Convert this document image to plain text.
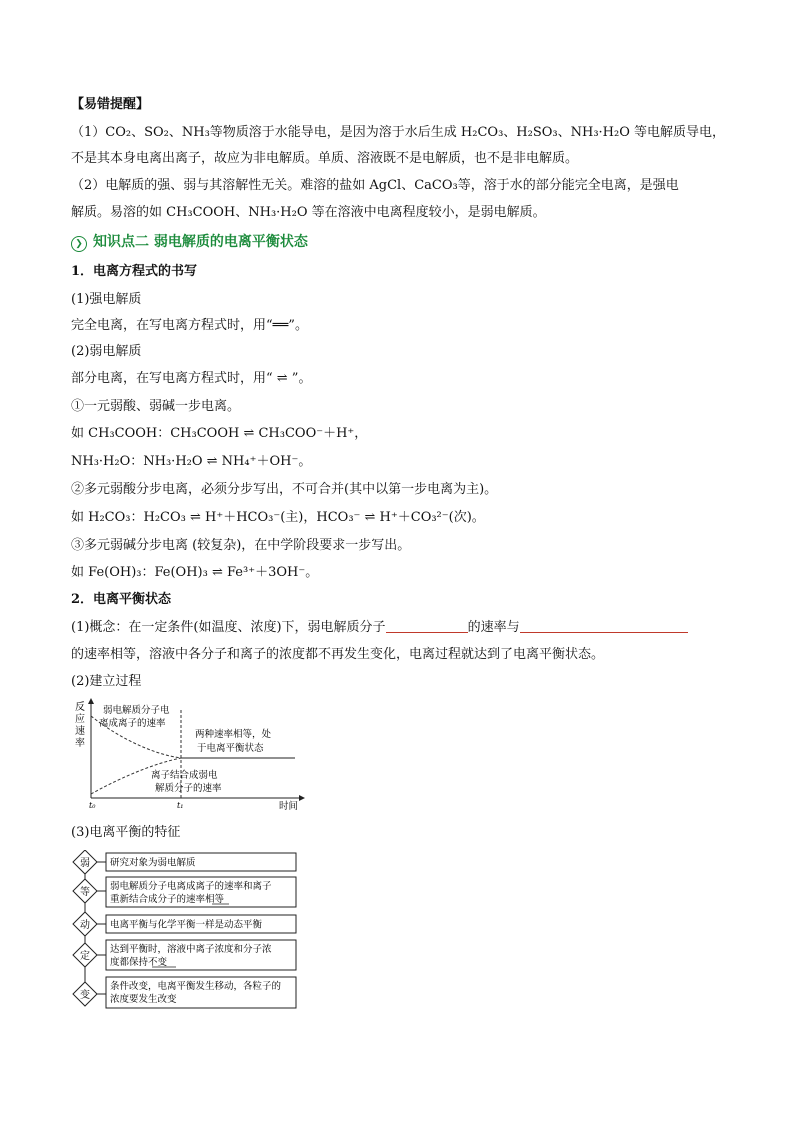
【易错提醒】
（1）CO₂、SO₂、NH₃等物质溶于水能导电，是因为溶于水后生成 H₂CO₃、H₂SO₃、NH₃·H₂O 等电解质导电，
不是其本身电离出离子，故应为非电解质。单质、溶液既不是电解质，也不是非电解质。
（2）电解质的强、弱与其溶解性无关。难溶的盐如 AgCl、CaCO₃等，溶于水的部分能完全电离，是强电
解质。易溶的如 CH₃COOH、NH₃·H₂O 等在溶液中电离程度较小，是弱电解质。
❯ 知识点二 弱电解质的电离平衡状态
1．电离方程式的书写
(1)强电解质
完全电离，在写电离方程式时，用“══”。
(2)弱电解质
部分电离，在写电离方程式时，用“ ⇌ ”。
①一元弱酸、弱碱一步电离。
如 CH₃COOH：CH₃COOH ⇌ CH₃COO⁻＋H⁺，
NH₃·H₂O：NH₃·H₂O ⇌ NH₄⁺＋OH⁻。
②多元弱酸分步电离，必须分步写出，不可合并(其中以第一步电离为主)。
如 H₂CO₃：H₂CO₃ ⇌ H⁺＋HCO₃⁻(主)，HCO₃⁻ ⇌ H⁺＋CO₃²⁻(次)。
③多元弱碱分步电离 (较复杂)，在中学阶段要求一步写出。
如 Fe(OH)₃：Fe(OH)₃ ⇌ Fe³⁺＋3OH⁻。
2．电离平衡状态
(1)概念：在一定条件(如温度、浓度)下，弱电解质分子	的速率与
的速率相等，溶液中各分子和离子的浓度都不再发生变化，电离过程就达到了电离平衡状态。
(2)建立过程
反
应
速
率
弱电解质分子电
离成离子的速率
两种速率相等，处
于电离平衡状态
离子结合成弱电
解质分子的速率
t₀	t₁	时间
(3)电离平衡的特征
弱 研究对象为弱电解质
等
弱电解质分子电离成离子的速率和离子
重新结合成分子的速率相等
动 电离平衡与化学平衡一样是动态平衡
定
达到平衡时，溶液中离子浓度和分子浓
度都保持不变
变
条件改变，电离平衡发生移动，各粒子的
浓度要发生改变
